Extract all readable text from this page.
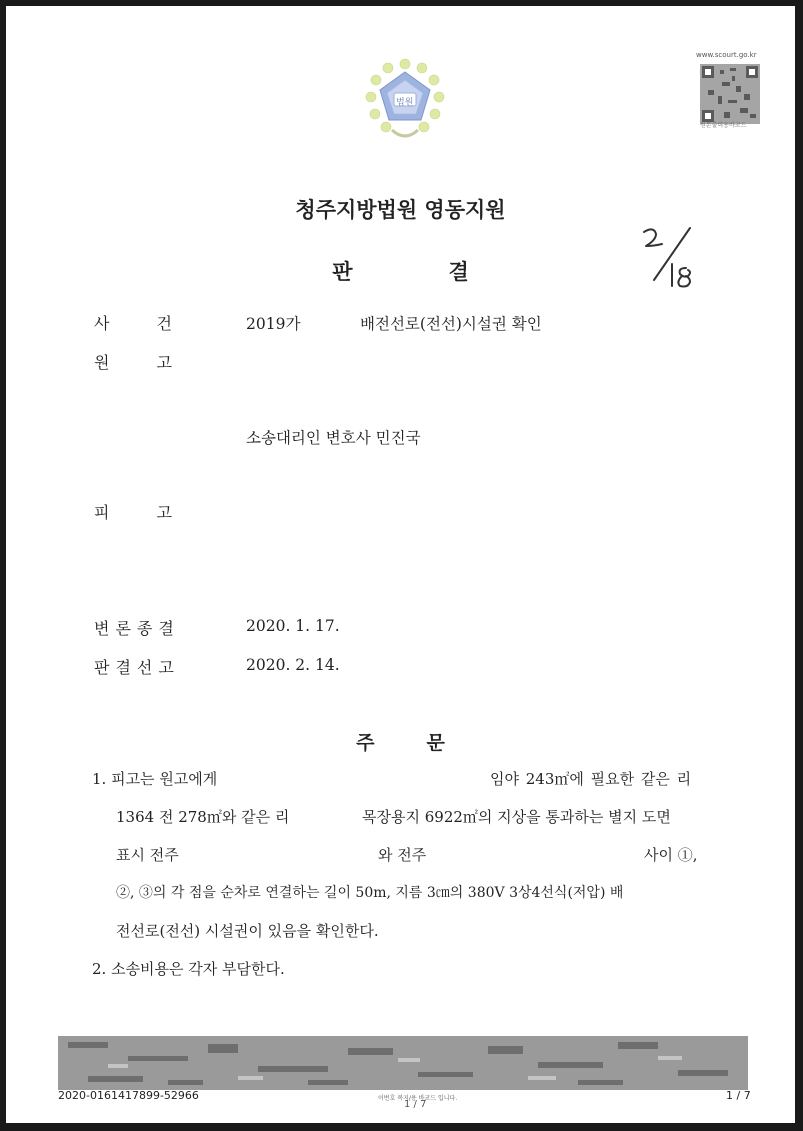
법원
www.scourt.go.kr
원본출력용바코드
청주지방법원 영동지원
판결
사 건	2019가	배전선로(전선)시설권 확인
원 고
소송대리인 변호사 민진국
피 고
변론종결	2020. 1. 17.
판결선고	2020. 2. 14.
주문
1. 피고는 원고에게	임야 243㎡에 필요한 같은 리
1364 전 278㎡와 같은 리	목장용지 6922㎡의 지상을 통과하는 별지 도면
표시 전주	와 전주	사이 ①,
②, ③의 각 점을 순차로 연결하는 길이 50m, 지름 3㎝의 380V 3상4선식(저압) 배
전선로(전선) 시설권이 있음을 확인한다.
2. 소송비용은 각자 부담한다.
2020-0161417899-52966	이번호 복지/용 바코드 입니다.
1 / 7
1 / 7
